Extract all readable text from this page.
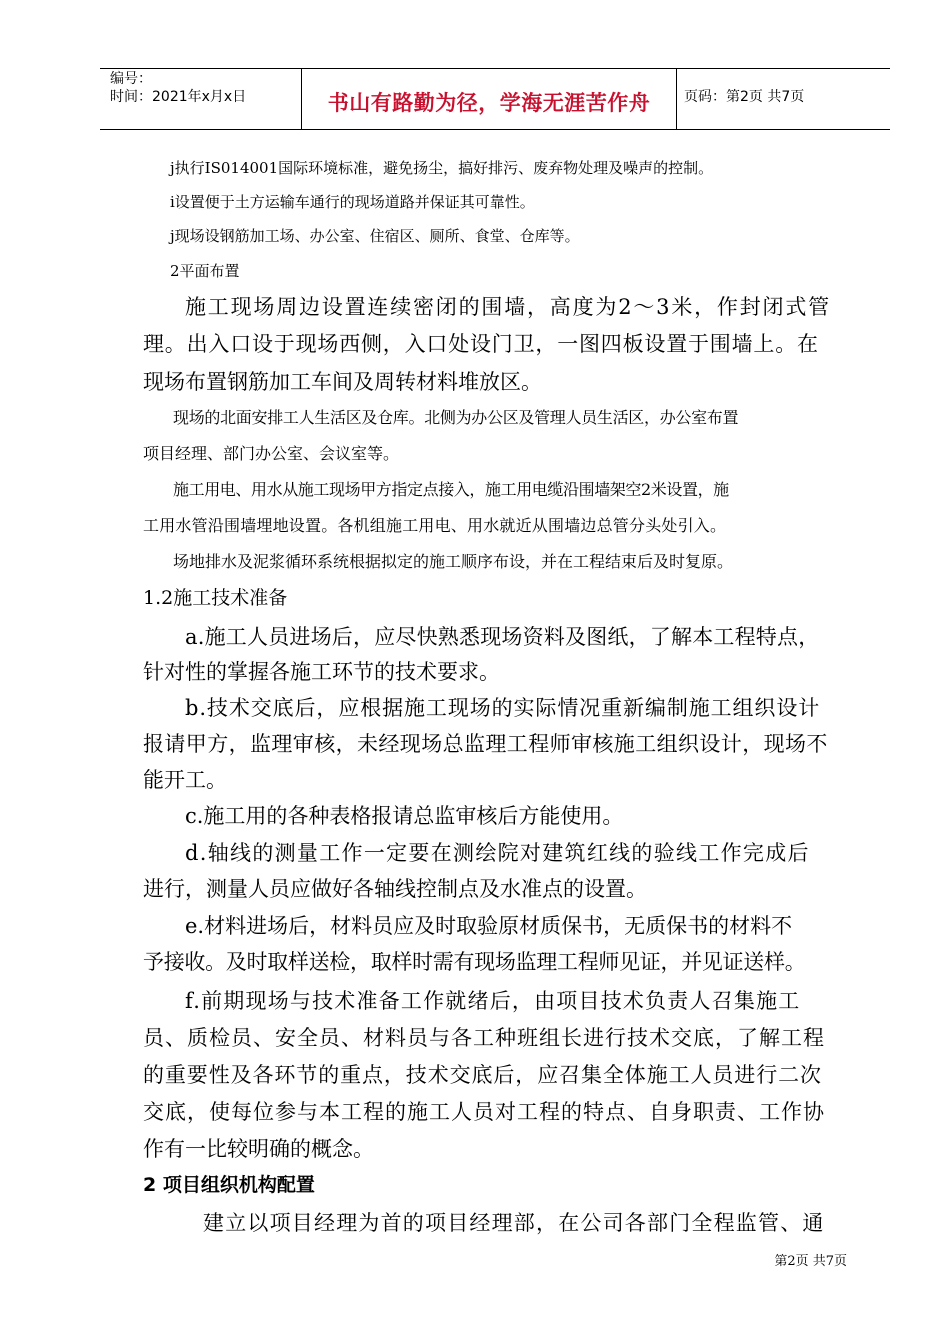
编号：
时间：2021年x月x日	书山有路勤为径，学海无涯苦作舟	页码：第2页 共7页
j执行IS014001国际环境标准，避免扬尘，搞好排污、废弃物处理及噪声的控制。
i设置便于土方运输车通行的现场道路并保证其可靠性。
j现场设钢筋加工场、办公室、住宿区、厕所、食堂、仓库等。
2平面布置
施工现场周边设置连续密闭的围墙，高度为2～3米，作封闭式管
理。出入口设于现场西侧，入口处设门卫，一图四板设置于围墙上。在
现场布置钢筋加工车间及周转材料堆放区。
现场的北面安排工人生活区及仓库。北侧为办公区及管理人员生活区，办公室布置
项目经理、部门办公室、会议室等。
施工用电、用水从施工现场甲方指定点接入，施工用电缆沿围墙架空2米设置，施
工用水管沿围墙埋地设置。各机组施工用电、用水就近从围墙边总管分头处引入。
场地排水及泥浆循环系统根据拟定的施工顺序布设，并在工程结束后及时复原。
1.2施工技术准备
a.施工人员进场后，应尽快熟悉现场资料及图纸，了解本工程特点，
针对性的掌握各施工环节的技术要求。
b.技术交底后，应根据施工现场的实际情况重新编制施工组织设计
报请甲方，监理审核，未经现场总监理工程师审核施工组织设计，现场不
能开工。
c.施工用的各种表格报请总监审核后方能使用。
d.轴线的测量工作一定要在测绘院对建筑红线的验线工作完成后
进行，测量人员应做好各轴线控制点及水准点的设置。
e.材料进场后，材料员应及时取验原材质保书，无质保书的材料不
予接收。及时取样送检，取样时需有现场监理工程师见证，并见证送样。
f.前期现场与技术准备工作就绪后，由项目技术负责人召集施工
员、质检员、安全员、材料员与各工种班组长进行技术交底，了解工程
的重要性及各环节的重点，技术交底后，应召集全体施工人员进行二次
交底，使每位参与本工程的施工人员对工程的特点、自身职责、工作协
作有一比较明确的概念。
2 项目组织机构配置
建立以项目经理为首的项目经理部，在公司各部门全程监管、通
第2页 共7页
